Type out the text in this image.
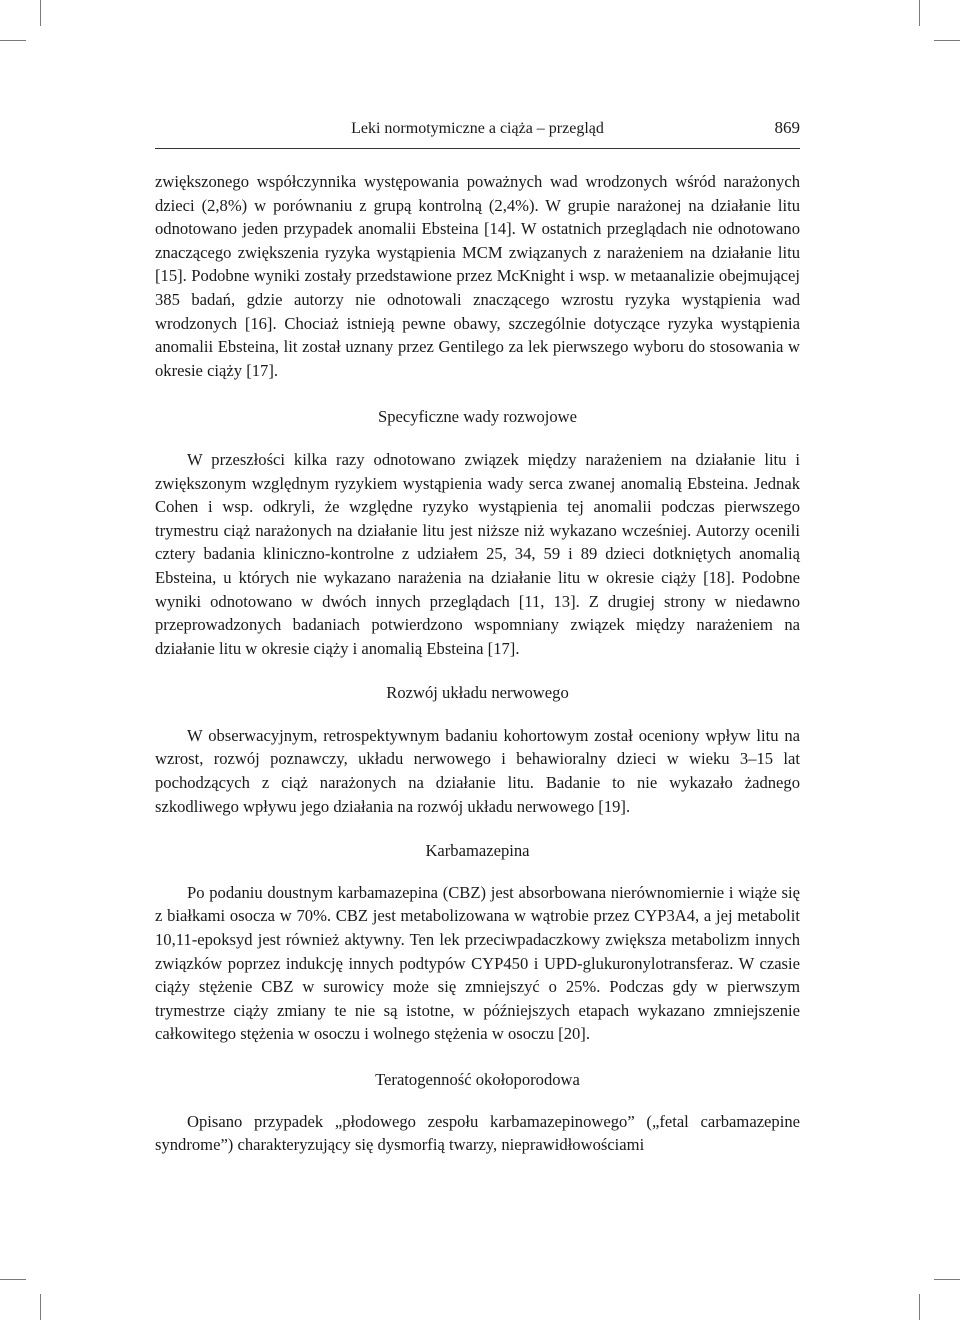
Leki normotymiczne a ciąża – przegląd	869

zwiększonego współczynnika występowania poważnych wad wrodzonych wśród narażonych dzieci (2,8%) w porównaniu z grupą kontrolną (2,4%). W grupie narażonej na działanie litu odnotowano jeden przypadek anomalii Ebsteina [14]. W ostatnich przeglądach nie odnotowano znaczącego zwiększenia ryzyka wystąpienia MCM związanych z narażeniem na działanie litu [15]. Podobne wyniki zostały przedstawione przez McKnight i wsp. w metaanalizie obejmującej 385 badań, gdzie autorzy nie odnotowali znaczącego wzrostu ryzyka wystąpienia wad wrodzonych [16]. Chociaż istnieją pewne obawy, szczególnie dotyczące ryzyka wystąpienia anomalii Ebsteina, lit został uznany przez Gentilego za lek pierwszego wyboru do stosowania w okresie ciąży [17].

Specyficzne wady rozwojowe

W przeszłości kilka razy odnotowano związek między narażeniem na działanie litu i zwiększonym względnym ryzykiem wystąpienia wady serca zwanej anomalią Ebsteina. Jednak Cohen i wsp. odkryli, że względne ryzyko wystąpienia tej anomalii podczas pierwszego trymestru ciąż narażonych na działanie litu jest niższe niż wykazano wcześniej. Autorzy ocenili cztery badania kliniczno-kontrolne z udziałem 25, 34, 59 i 89 dzieci dotkniętych anomalią Ebsteina, u których nie wykazano narażenia na działanie litu w okresie ciąży [18]. Podobne wyniki odnotowano w dwóch innych przeglądach [11, 13]. Z drugiej strony w niedawno przeprowadzonych badaniach potwierdzono wspomniany związek między narażeniem na działanie litu w okresie ciąży i anomalią Ebsteina [17].

Rozwój układu nerwowego

W obserwacyjnym, retrospektywnym badaniu kohortowym został oceniony wpływ litu na wzrost, rozwój poznawczy, układu nerwowego i behawioralny dzieci w wieku 3–15 lat pochodzących z ciąż narażonych na działanie litu. Badanie to nie wykazało żadnego szkodliwego wpływu jego działania na rozwój układu nerwowego [19].

Karbamazepina

Po podaniu doustnym karbamazepina (CBZ) jest absorbowana nierównomiernie i wiąże się z białkami osocza w 70%. CBZ jest metabolizowana w wątrobie przez CYP3A4, a jej metabolit 10,11-epoksyd jest również aktywny. Ten lek przeciwpadaczkowy zwiększa metabolizm innych związków poprzez indukcję innych podtypów CYP450 i UPD-glukuronylotransferaz. W czasie ciąży stężenie CBZ w surowicy może się zmniejszyć o 25%. Podczas gdy w pierwszym trymestrze ciąży zmiany te nie są istotne, w późniejszych etapach wykazano zmniejszenie całkowitego stężenia w osoczu i wolnego stężenia w osoczu [20].

Teratogenność okołoporodowa

Opisano przypadek „płodowego zespołu karbamazepinowego” („fetal carbamazepine syndrome”) charakteryzujący się dysmorfią twarzy, nieprawidłowościami
